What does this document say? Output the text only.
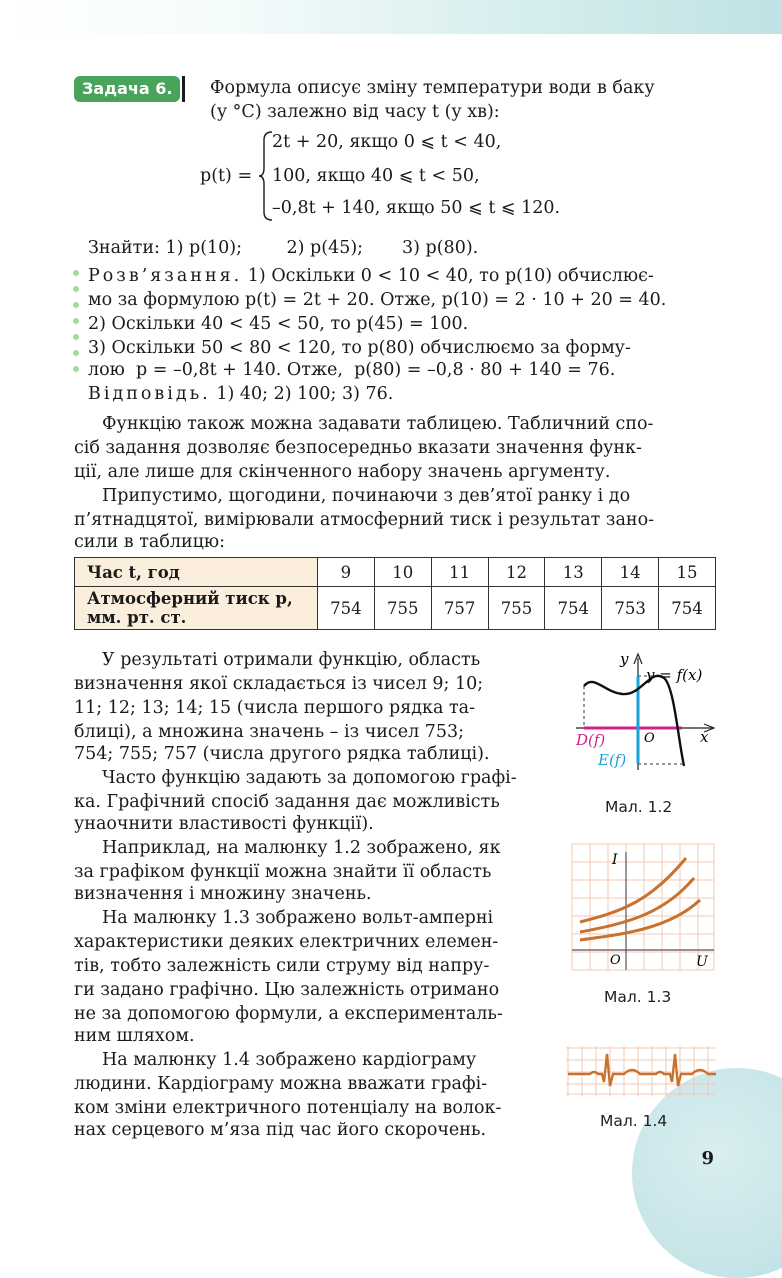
Задача 6.	Формула описує зміну температури води в баку

(у °С) залежно від часу t (у хв):

p(t) =

2t + 20, якщо 0 ⩽ t < 40,

100, якщо 40 ⩽ t < 50,

–0,8t + 140, якщо 50 ⩽ t ⩽ 120.

Знайти: 1) p(10);        2) p(45);       3) p(80).

Розв’язання. 1) Оскільки 0 < 10 < 40, то p(10) обчислює-

мо за формулою p(t) = 2t + 20. Отже, p(10) = 2 · 10 + 20 = 40.

2) Оскільки 40 < 45 < 50, то p(45) = 100.

3) Оскільки 50 < 80 < 120, то p(80) обчислюємо за форму-

лою  p = –0,8t + 140. Отже,  p(80) = –0,8 · 80 + 140 = 76.

Відповідь. 1) 40; 2) 100; 3) 76.

Функцію також можна задавати таблицею. Табличний спо-

сіб задання дозволяє безпосередньо вказати значення функ-

ції, але лише для скінченного набору значень аргументу.

Припустимо, щогодини, починаючи з дев’ятої ранку і до

п’ятнадцятої, вимірювали атмосферний тиск і результат зано-

сили в таблицю:

Час t, год	9	10	11	12	13	14	15

Атмосферний тиск p,
мм. рт. ст.	754	755	757	755	754	753	754

У результаті отримали функцію, область

визначення якої складається із чисел 9; 10;

11; 12; 13; 14; 15 (числа першого рядка та-

блиці), а множина значень – із чисел 753;

754; 755; 757 (числа другого рядка таблиці).

Часто функцію задають за допомогою графі-

ка. Графічний спосіб задання дає можливість

унаочнити властивості функції).

Наприклад, на малюнку 1.2 зображено, як

за графіком функції можна знайти її область

визначення і множину значень.

На малюнку 1.3 зображено вольт-амперні

характеристики деяких електричних елемен-

тів, тобто залежність сили струму від напру-

ги задано графічно. Цю залежність отримано

не за допомогою формули, а експерименталь-

ним шляхом.

На малюнку 1.4 зображено кардіограму

людини. Кардіограму можна вважати графі-

ком зміни електричного потенціалу на волок-

нах серцевого м’яза під час його скорочень.

y
y = f(x)
x
O
D(f)
E(f)
Мал. 1.2
I
O	U
Мал. 1.3
Мал. 1.4
9
